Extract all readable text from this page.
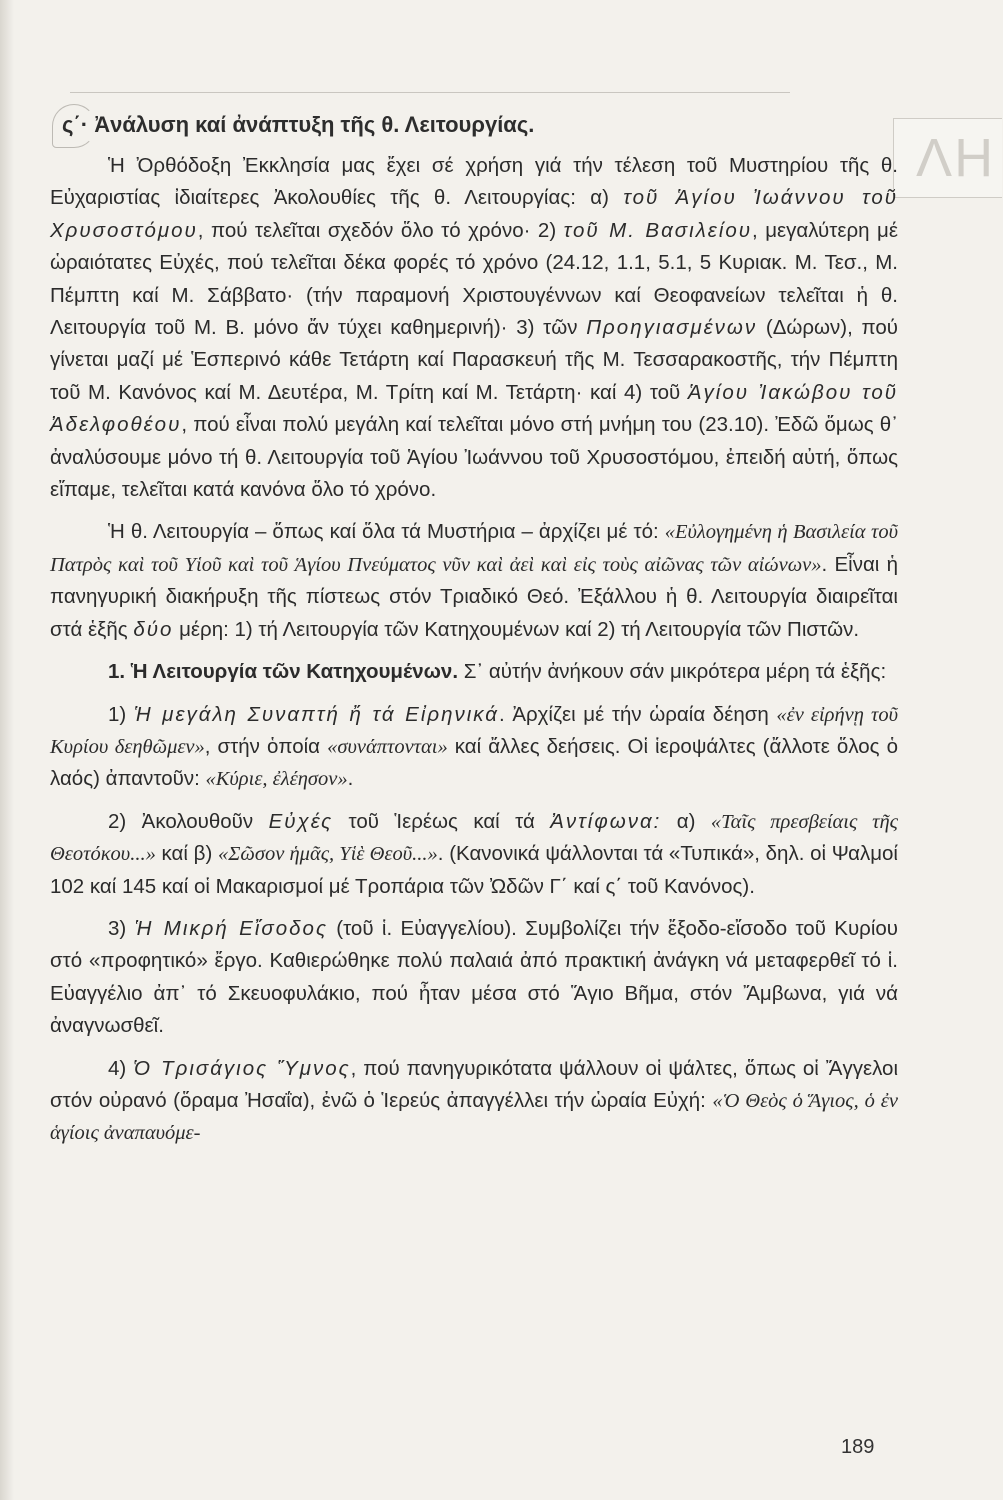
ΛΗ
ς΄· Ἀνάλυση καί ἀνάπτυξη τῆς θ. Λειτουργίας.

Ἡ Ὀρθόδοξη Ἐκκλησία μας ἔχει σέ χρήση γιά τήν τέλεση τοῦ Μυστηρίου τῆς θ. Εὐχαριστίας ἰδιαίτερες Ἀκολουθίες τῆς θ. Λειτουργίας: α) τοῦ Ἁγίου Ἰωάννου τοῦ Χρυσοστόμου, πού τελεῖται σχεδόν ὅλο τό χρόνο· 2) τοῦ Μ. Βασιλείου, μεγαλύτερη μέ ὡραιότατες Εὐχές, πού τελεῖται δέκα φορές τό χρόνο (24.12, 1.1, 5.1, 5 Κυριακ. Μ. Τεσ., Μ. Πέμπτη καί Μ. Σάββατο· (τήν παραμονή Χριστουγέννων καί Θεοφανείων τελεῖται ἡ θ. Λειτουργία τοῦ Μ. Β. μόνο ἄν τύχει καθημερινή)· 3) τῶν Προηγιασμένων (Δώρων), πού γίνεται μαζί μέ Ἑσπερινό κάθε Τετάρτη καί Παρασκευή τῆς Μ. Τεσσαρακοστῆς, τήν Πέμπτη τοῦ Μ. Κανόνος καί Μ. Δευτέρα, Μ. Τρίτη καί Μ. Τετάρτη· καί 4) τοῦ Ἁγίου Ἰακώβου τοῦ Ἀδελφοθέου, πού εἶναι πολύ μεγάλη καί τελεῖται μόνο στή μνήμη του (23.10). Ἐδῶ ὅμως θ᾽ ἀναλύσουμε μόνο τή θ. Λειτουργία τοῦ Ἁγίου Ἰωάννου τοῦ Χρυσοστόμου, ἐπειδή αὐτή, ὅπως εἴπαμε, τελεῖται κατά κανόνα ὅλο τό χρόνο.

Ἡ θ. Λειτουργία – ὅπως καί ὅλα τά Μυστήρια – ἀρχίζει μέ τό: «Εὐλογημένη ἡ Βασιλεία τοῦ Πατρὸς καὶ τοῦ Υἱοῦ καὶ τοῦ Ἁγίου Πνεύματος νῦν καὶ ἀεὶ καὶ εἰς τοὺς αἰῶνας τῶν αἰώνων». Εἶναι ἡ πανηγυρική διακήρυξη τῆς πίστεως στόν Τριαδικό Θεό. Ἐξάλλου ἡ θ. Λειτουργία διαιρεῖται στά ἑξῆς δύο μέρη: 1) τή Λειτουργία τῶν Κατηχουμένων καί 2) τή Λειτουργία τῶν Πιστῶν.

1. Ἡ Λειτουργία τῶν Κατηχουμένων. Σ᾽ αὐτήν ἀνήκουν σάν μικρότερα μέρη τά ἑξῆς:

1) Ἡ μεγάλη Συναπτή ἤ τά Εἰρηνικά. Ἀρχίζει μέ τήν ὡραία δέηση «ἐν εἰρήνῃ τοῦ Κυρίου δεηθῶμεν», στήν ὁποία «συνάπτονται» καί ἄλλες δεήσεις. Οἱ ἱεροψάλτες (ἄλλοτε ὅλος ὁ λαός) ἀπαντοῦν: «Κύριε, ἐλέησον».

2) Ἀκολουθοῦν Εὐχές τοῦ Ἱερέως καί τά Ἀντίφωνα: α) «Ταῖς πρεσβείαις τῆς Θεοτόκου...» καί β) «Σῶσον ἡμᾶς, Υἱὲ Θεοῦ...». (Κανονικά ψάλλονται τά «Τυπικά», δηλ. οἱ Ψαλμοί 102 καί 145 καί οἱ Μακαρισμοί μέ Τροπάρια τῶν Ὠδῶν Γ΄ καί ς΄ τοῦ Κανόνος).

3) Ἡ Μικρή Εἴσοδος (τοῦ ἱ. Εὐαγγελίου). Συμβολίζει τήν ἔξοδο-εἴσοδο τοῦ Κυρίου στό «προφητικό» ἔργο. Καθιερώθηκε πολύ παλαιά ἀπό πρακτική ἀνάγκη νά μεταφερθεῖ τό ἱ. Εὐαγγέλιο ἀπ᾽ τό Σκευοφυλάκιο, πού ἦταν μέσα στό Ἅγιο Βῆμα, στόν Ἄμβωνα, γιά νά ἀναγνωσθεῖ.

4) Ὁ Τρισάγιος Ὕμνος, πού πανηγυρικότατα ψάλλουν οἱ ψάλτες, ὅπως οἱ Ἄγγελοι στόν οὐρανό (ὅραμα Ἠσαΐα), ἐνῶ ὁ Ἱερεύς ἀπαγγέλλει τήν ὡραία Εὐχή: «Ὁ Θεὸς ὁ Ἅγιος, ὁ ἐν ἁγίοις ἀναπαυόμε-

189
